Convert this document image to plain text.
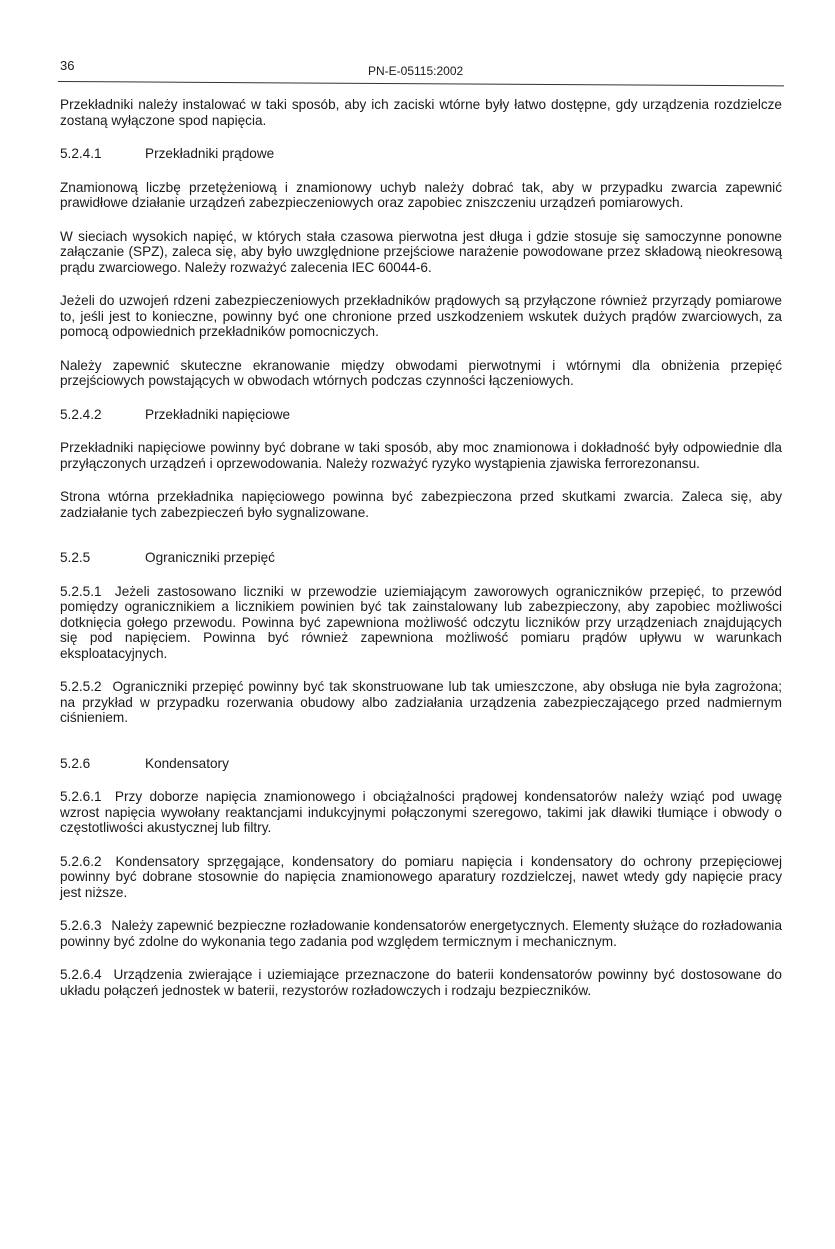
36	PN-E-05115:2002

Przekładniki należy instalować w taki sposób, aby ich zaciski wtórne były łatwo dostępne, gdy urządzenia rozdzielcze zostaną wyłączone spod napięcia.

5.2.4.1	Przekładniki prądowe

Znamionową liczbę przetężeniową i znamionowy uchyb należy dobrać tak, aby w przypadku zwarcia zapewnić prawidłowe działanie urządzeń zabezpieczeniowych oraz zapobiec zniszczeniu urządzeń pomiarowych.

W sieciach wysokich napięć, w których stała czasowa pierwotna jest długa i gdzie stosuje się samoczynne ponowne załączanie (SPZ), zaleca się, aby było uwzględnione przejściowe narażenie powodowane przez składową nieokresową prądu zwarciowego. Należy rozważyć zalecenia IEC 60044-6.

Jeżeli do uzwojeń rdzeni zabezpieczeniowych przekładników prądowych są przyłączone również przyrządy pomiarowe to, jeśli jest to konieczne, powinny być one chronione przed uszkodzeniem wskutek dużych prądów zwarciowych, za pomocą odpowiednich przekładników pomocniczych.

Należy zapewnić skuteczne ekranowanie między obwodami pierwotnymi i wtórnymi dla obniżenia przepięć przejściowych powstających w obwodach wtórnych podczas czynności łączeniowych.

5.2.4.2	Przekładniki napięciowe

Przekładniki napięciowe powinny być dobrane w taki sposób, aby moc znamionowa i dokładność były odpowiednie dla przyłączonych urządzeń i oprzewodowania. Należy rozważyć ryzyko wystąpienia zjawiska ferrorezonansu.

Strona wtórna przekładnika napięciowego powinna być zabezpieczona przed skutkami zwarcia. Zaleca się, aby zadziałanie tych zabezpieczeń było sygnalizowane.

5.2.5	Ograniczniki przepięć

5.2.5.1 Jeżeli zastosowano liczniki w przewodzie uziemiającym zaworowych ograniczników przepięć, to przewód pomiędzy ogranicznikiem a licznikiem powinien być tak zainstalowany lub zabezpieczony, aby zapobiec możliwości dotknięcia gołego przewodu. Powinna być zapewniona możliwość odczytu liczników przy urządzeniach znajdujących się pod napięciem. Powinna być również zapewniona możliwość pomiaru prądów upływu w warunkach eksploatacyjnych.

5.2.5.2 Ograniczniki przepięć powinny być tak skonstruowane lub tak umieszczone, aby obsługa nie była zagrożona; na przykład w przypadku rozerwania obudowy albo zadziałania urządzenia zabezpieczającego przed nadmiernym ciśnieniem.

5.2.6	Kondensatory

5.2.6.1 Przy doborze napięcia znamionowego i obciążalności prądowej kondensatorów należy wziąć pod uwagę wzrost napięcia wywołany reaktancjami indukcyjnymi połączonymi szeregowo, takimi jak dławiki tłumiące i obwody o częstotliwości akustycznej lub filtry.

5.2.6.2 Kondensatory sprzęgające, kondensatory do pomiaru napięcia i kondensatory do ochrony przepięciowej powinny być dobrane stosownie do napięcia znamionowego aparatury rozdzielczej, nawet wtedy gdy napięcie pracy jest niższe.

5.2.6.3 Należy zapewnić bezpieczne rozładowanie kondensatorów energetycznych. Elementy służące do rozładowania powinny być zdolne do wykonania tego zadania pod względem termicznym i mechanicznym.

5.2.6.4 Urządzenia zwierające i uziemiające przeznaczone do baterii kondensatorów powinny być dostosowane do układu połączeń jednostek w baterii, rezystorów rozładowczych i rodzaju bezpieczników.
